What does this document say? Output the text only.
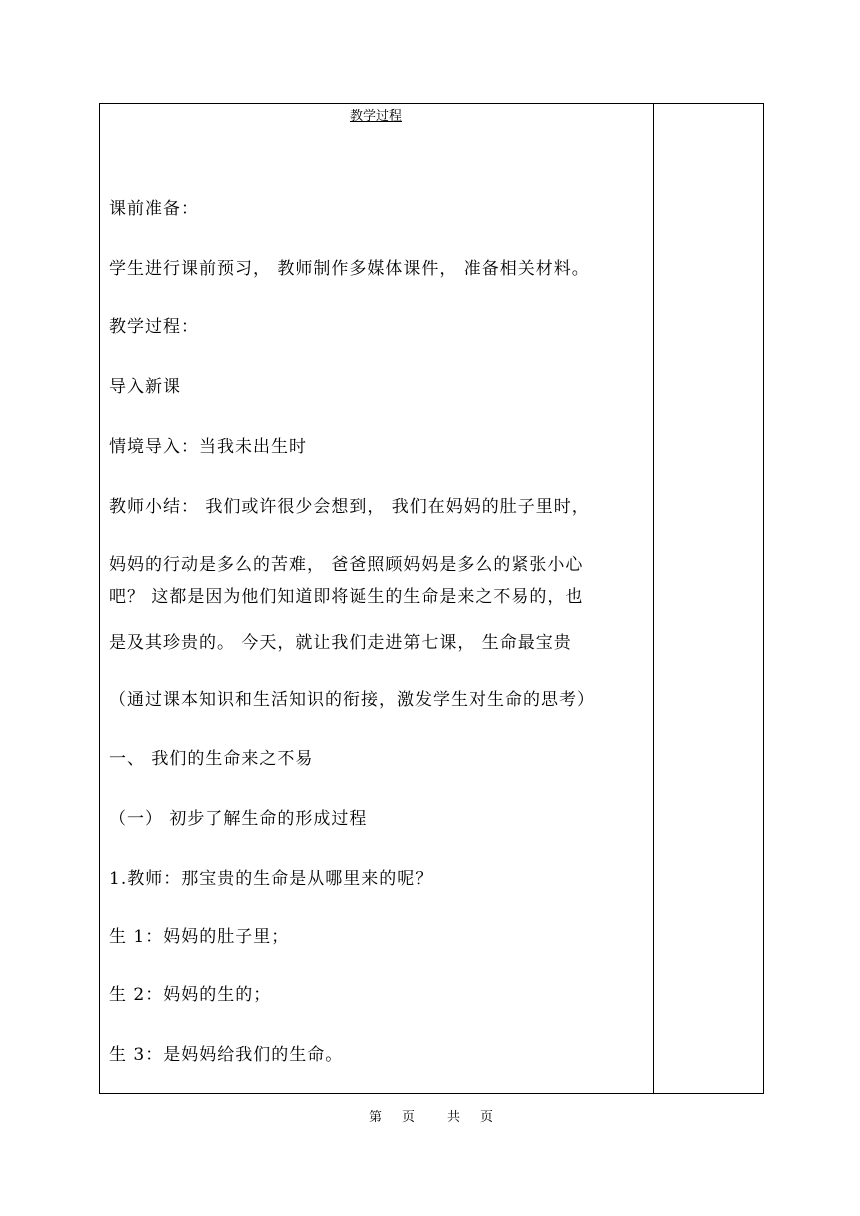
教学过程
课前准备：
学生进行课前预习， 教师制作多媒体课件， 准备相关材料。
教学过程：
导入新课
情境导入：当我未出生时
教师小结： 我们或许很少会想到， 我们在妈妈的肚子里时，
妈妈的行动是多么的苦难， 爸爸照顾妈妈是多么的紧张小心
吧？ 这都是因为他们知道即将诞生的生命是来之不易的，也
是及其珍贵的。 今天，就让我们走进第七课， 生命最宝贵
（通过课本知识和生活知识的衔接，激发学生对生命的思考）
一、 我们的生命来之不易
（一） 初步了解生命的形成过程
1.教师：那宝贵的生命是从哪里来的呢？
生 1：妈妈的肚子里；
生 2：妈妈的生的；
生 3：是妈妈给我们的生命。
第 页 共 页
